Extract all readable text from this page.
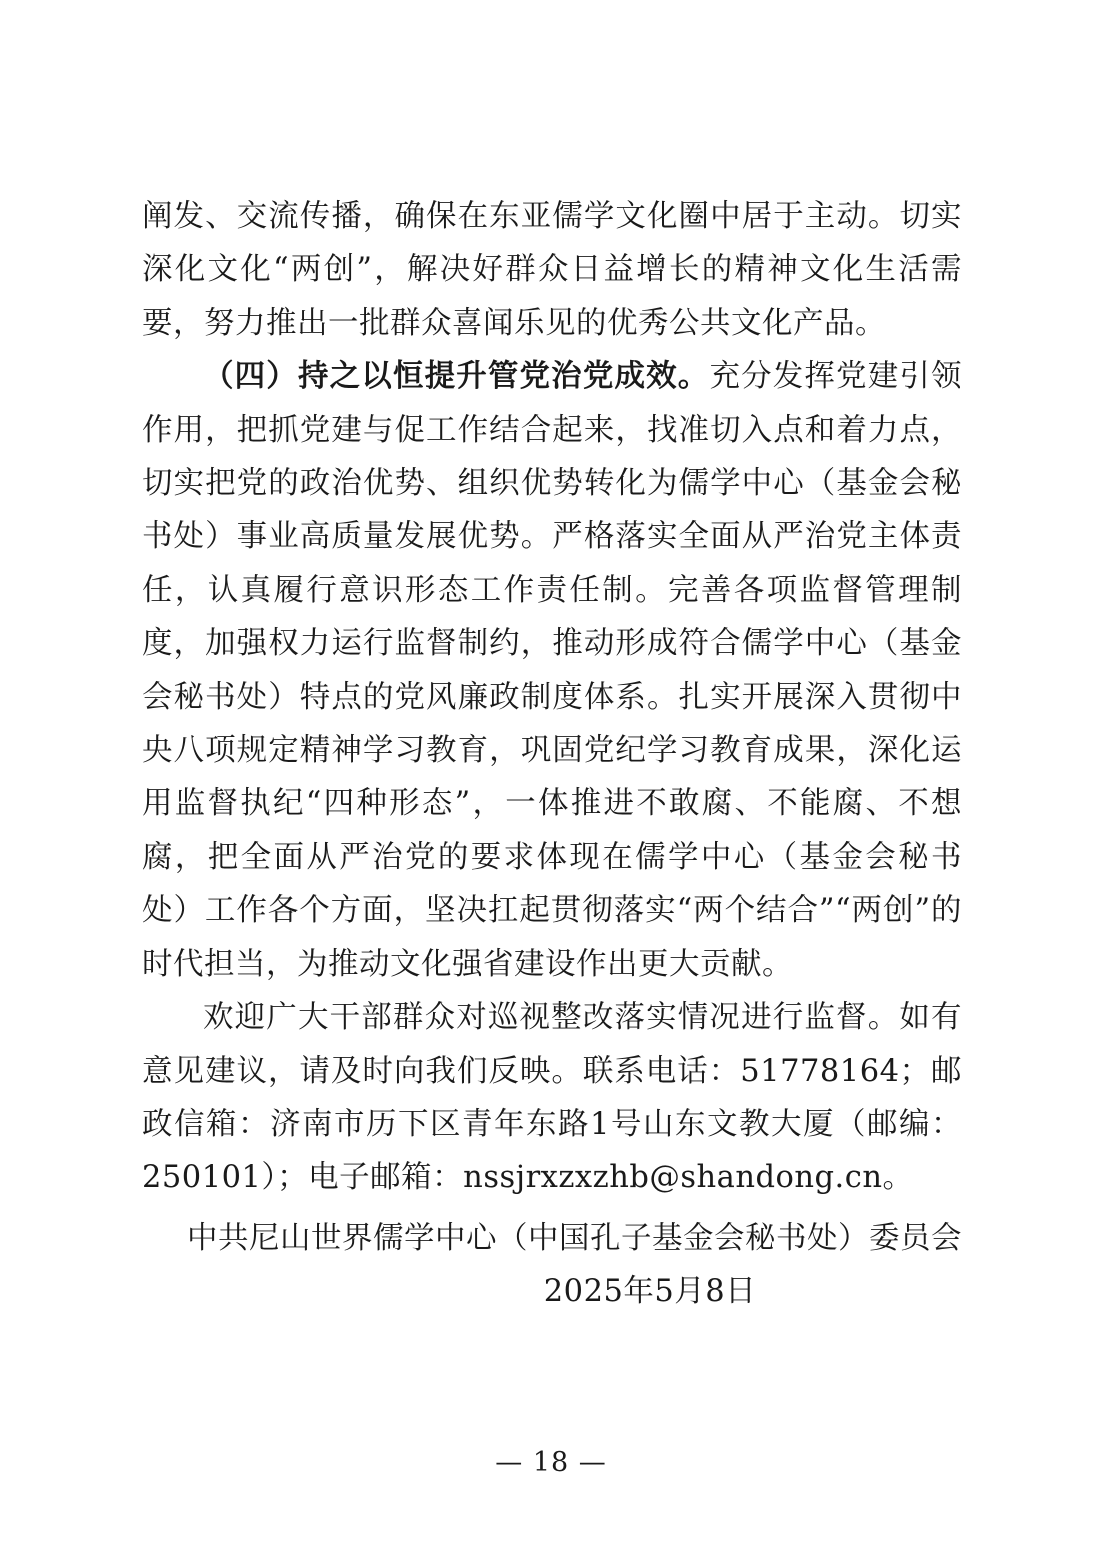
阐发、交流传播，确保在东亚儒学文化圈中居于主动。切实深化文化“两创”，解决好群众日益增长的精神文化生活需要，努力推出一批群众喜闻乐见的优秀公共文化产品。

（四）持之以恒提升管党治党成效。充分发挥党建引领作用，把抓党建与促工作结合起来，找准切入点和着力点，切实把党的政治优势、组织优势转化为儒学中心（基金会秘书处）事业高质量发展优势。严格落实全面从严治党主体责任，认真履行意识形态工作责任制。完善各项监督管理制度，加强权力运行监督制约，推动形成符合儒学中心（基金会秘书处）特点的党风廉政制度体系。扎实开展深入贯彻中央八项规定精神学习教育，巩固党纪学习教育成果，深化运用监督执纪“四种形态”，一体推进不敢腐、不能腐、不想腐，把全面从严治党的要求体现在儒学中心（基金会秘书处）工作各个方面，坚决扛起贯彻落实“两个结合”“两创”的时代担当，为推动文化强省建设作出更大贡献。

欢迎广大干部群众对巡视整改落实情况进行监督。如有意见建议，请及时向我们反映。联系电话：51778164；邮政信箱：济南市历下区青年东路1号山东文教大厦（邮编：250101）；电子邮箱：nssjrxzxzhb@shandong.cn。

中共尼山世界儒学中心（中国孔子基金会秘书处）委员会

2025年5月8日

— 18 —
